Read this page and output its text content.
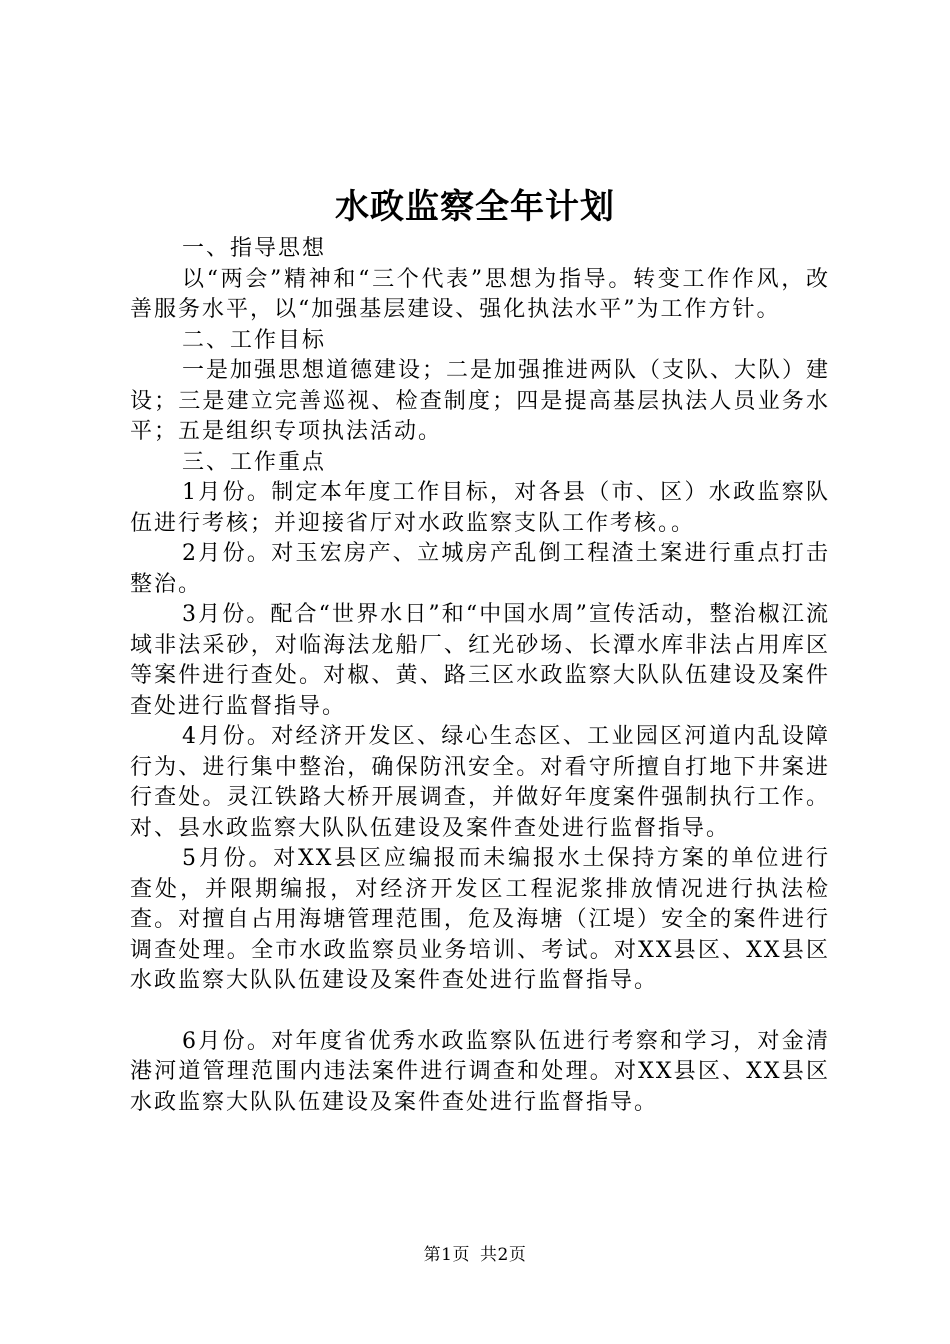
水政监察全年计划

一、指导思想

以“两会”精神和“三个代表”思想为指导。转变工作作风，改善服务水平，以“加强基层建设、强化执法水平”为工作方针。

二、工作目标

一是加强思想道德建设；二是加强推进两队（支队、大队）建设；三是建立完善巡视、检查制度；四是提高基层执法人员业务水平；五是组织专项执法活动。

三、工作重点

1月份。制定本年度工作目标，对各县（市、区）水政监察队伍进行考核；并迎接省厅对水政监察支队工作考核。。

2月份。对玉宏房产、立城房产乱倒工程渣土案进行重点打击整治。

3月份。配合“世界水日”和“中国水周”宣传活动，整治椒江流域非法采砂，对临海法龙船厂、红光砂场、长潭水库非法占用库区等案件进行查处。对椒、黄、路三区水政监察大队队伍建设及案件查处进行监督指导。

4月份。对经济开发区、绿心生态区、工业园区河道内乱设障行为、进行集中整治，确保防汛安全。对看守所擅自打地下井案进行查处。灵江铁路大桥开展调查，并做好年度案件强制执行工作。对、县水政监察大队队伍建设及案件查处进行监督指导。

5月份。对XX县区应编报而未编报水土保持方案的单位进行查处，并限期编报，对经济开发区工程泥浆排放情况进行执法检查。对擅自占用海塘管理范围，危及海塘（江堤）安全的案件进行调查处理。全市水政监察员业务培训、考试。对XX县区、XX县区水政监察大队队伍建设及案件查处进行监督指导。

6月份。对年度省优秀水政监察队伍进行考察和学习，对金清港河道管理范围内违法案件进行调查和处理。对XX县区、XX县区水政监察大队队伍建设及案件查处进行监督指导。

第1页 共2页
